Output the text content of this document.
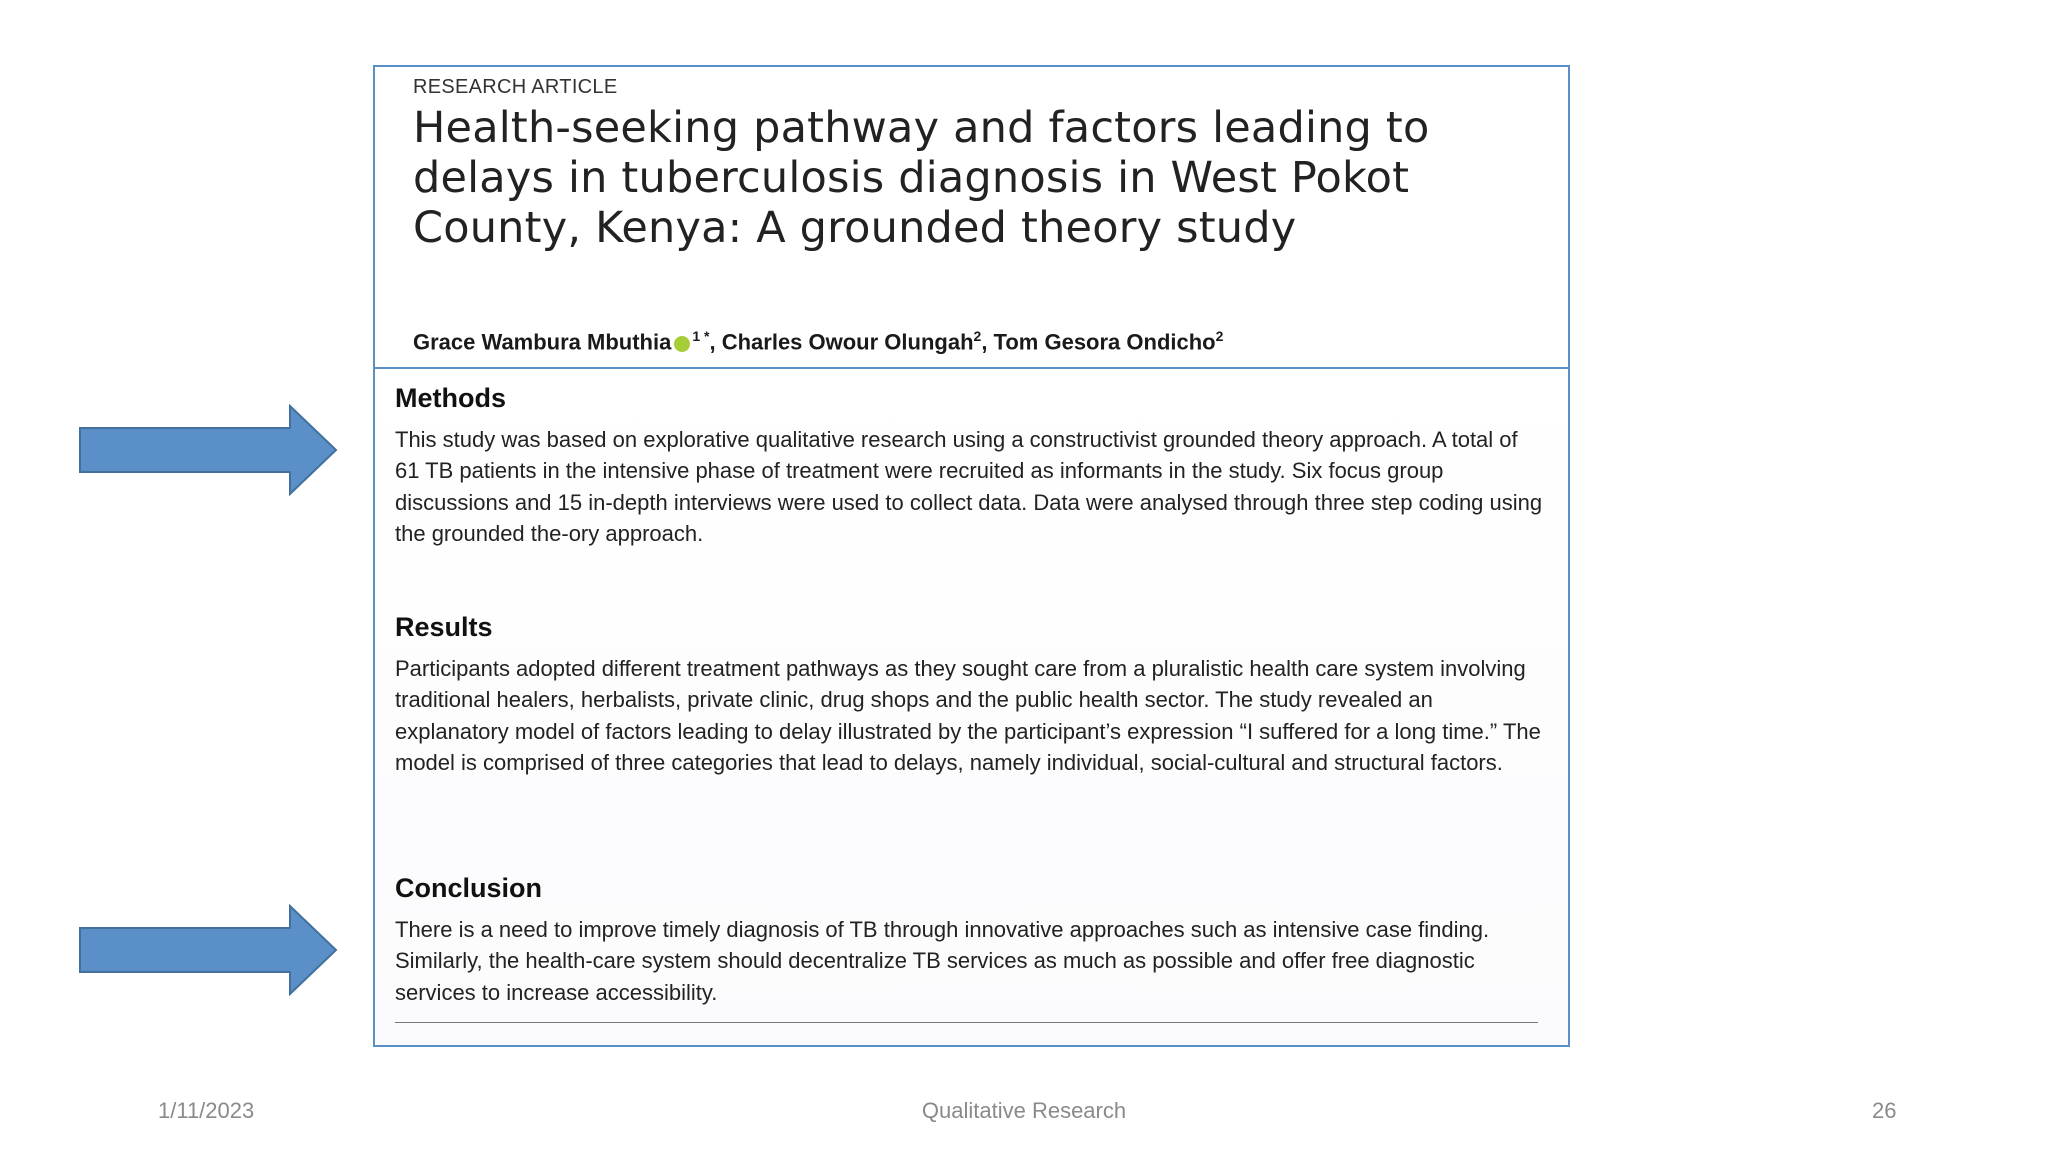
RESEARCH ARTICLE
Health-seeking pathway and factors leading to delays in tuberculosis diagnosis in West Pokot County, Kenya: A grounded theory study
Grace Wambura Mbuthia $^{1 *}$, Charles Owour Olungah$^2$, Tom Gesora Ondicho$^2$
Methods

This study was based on explorative qualitative research using a constructivist grounded theory approach. A total of 61 TB patients in the intensive phase of treatment were recruited as informants in the study. Six focus group discussions and 15 in-depth interviews were used to collect data. Data were analysed through three step coding using the grounded the-ory approach.

Results

Participants adopted different treatment pathways as they sought care from a pluralistic health care system involving traditional healers, herbalists, private clinic, drug shops and the public health sector. The study revealed an explanatory model of factors leading to delay illustrated by the participant’s expression “I suffered for a long time.” The model is comprised of three categories that lead to delays, namely individual, social-cultural and structural factors.

Conclusion

There is a need to improve timely diagnosis of TB through innovative approaches such as intensive case finding. Similarly, the health-care system should decentralize TB services as much as possible and offer free diagnostic services to increase accessibility.

1/11/2023	Qualitative Research	26
